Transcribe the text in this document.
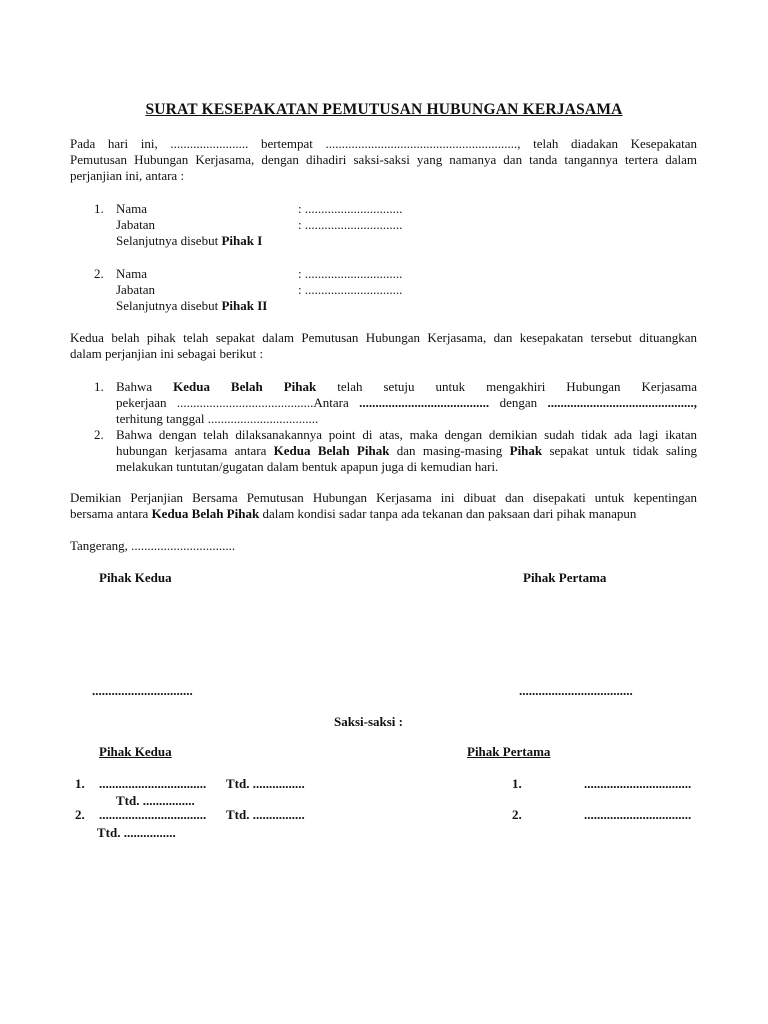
SURAT KESEPAKATAN PEMUTUSAN HUBUNGAN KERJASAMA
Pada hari ini, ........................ bertempat ..........................................................., telah diadakan Kesepakatan
Pemutusan Hubungan Kerjasama, dengan dihadiri saksi-saksi yang namanya dan tanda tangannya tertera dalam
perjanjian ini, antara :
1. Nama	: ..............................
Jabatan	: ..............................
Selanjutnya disebut Pihak I
2. Nama	: ..............................
Jabatan	: ..............................
Selanjutnya disebut Pihak II
Kedua belah pihak telah sepakat dalam Pemutusan Hubungan Kerjasama, dan kesepakatan tersebut dituangkan
dalam perjanjian ini sebagai berikut :
1. Bahwa Kedua Belah Pihak telah setuju untuk mengakhiri Hubungan Kerjasama
pekerjaan ..........................................Antara ........................................ dengan .............................................,
terhitung tanggal ..................................
2. Bahwa dengan telah dilaksanakannya point di atas, maka dengan demikian sudah tidak ada lagi ikatan
hubungan kerjasama antara Kedua Belah Pihak dan masing-masing Pihak sepakat untuk tidak saling
melakukan tuntutan/gugatan dalam bentuk apapun juga di kemudian hari.
Demikian Perjanjian Bersama Pemutusan Hubungan Kerjasama ini dibuat dan disepakati untuk kepentingan
bersama antara Kedua Belah Pihak dalam kondisi sadar tanpa ada tekanan dan paksaan dari pihak manapun
Tangerang, ................................
Pihak Kedua	Pihak Pertama
...............................	...................................
Saksi-saksi :
Pihak Kedua	Pihak Pertama
1. ................................. Ttd. ................	1.	.................................
Ttd. ................
2. ................................. Ttd. ................	2.	.................................
Ttd. ................
